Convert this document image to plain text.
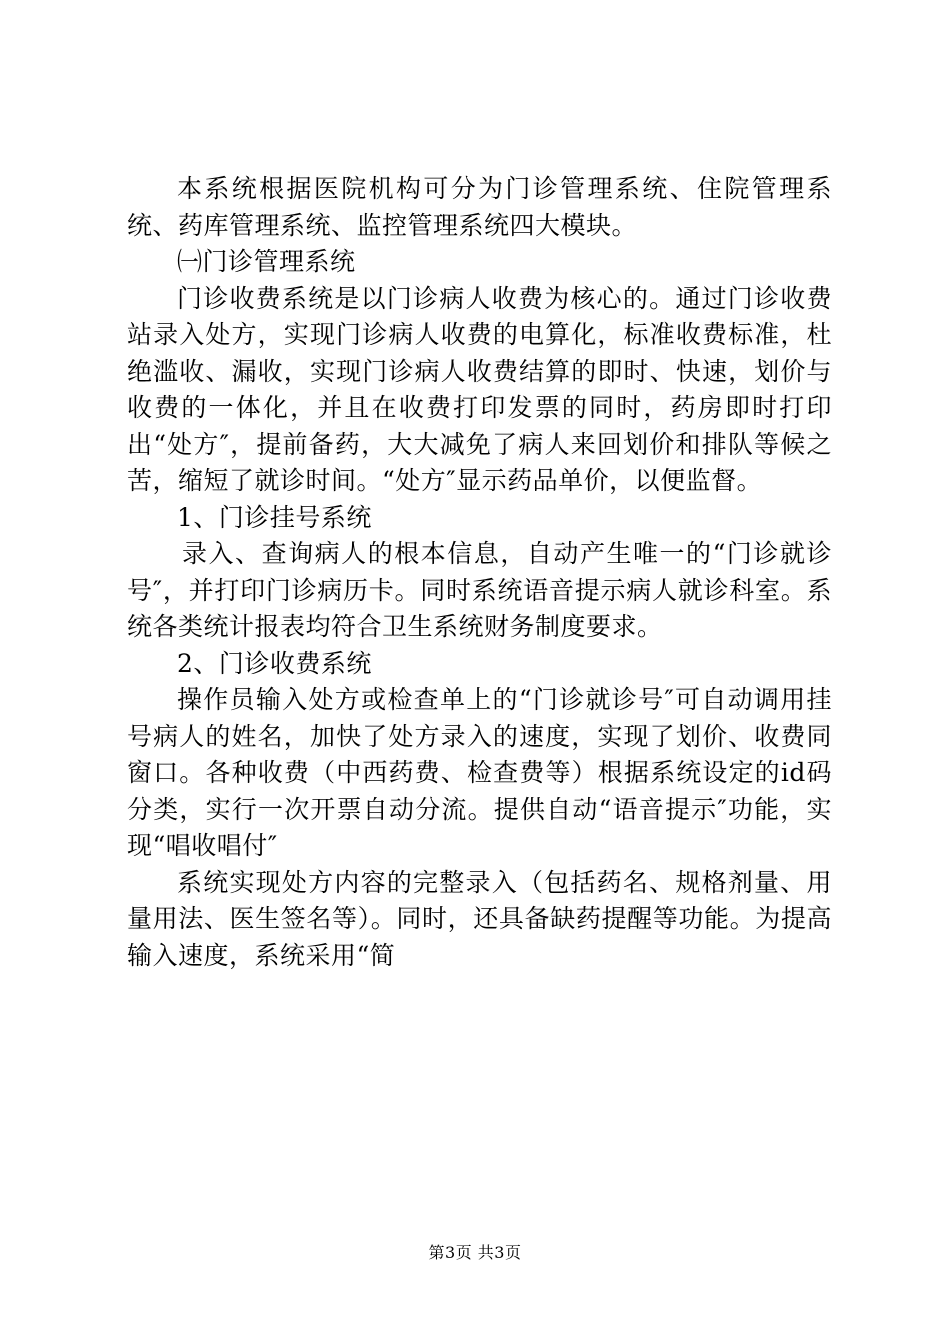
本系统根据医院机构可分为门诊管理系统、住院管理系统、药库管理系统、监控管理系统四大模块。

㈠门诊管理系统

门诊收费系统是以门诊病人收费为核心的。通过门诊收费站录入处方，实现门诊病人收费的电算化，标准收费标准，杜绝滥收、漏收，实现门诊病人收费结算的即时、快速，划价与收费的一体化，并且在收费打印发票的同时，药房即时打印出“处方″，提前备药，大大减免了病人来回划价和排队等候之苦，缩短了就诊时间。“处方″显示药品单价，以便监督。

1、门诊挂号系统

录入、查询病人的根本信息，自动产生唯一的“门诊就诊号″，并打印门诊病历卡。同时系统语音提示病人就诊科室。系统各类统计报表均符合卫生系统财务制度要求。

2、门诊收费系统

操作员输入处方或检查单上的“门诊就诊号″可自动调用挂号病人的姓名，加快了处方录入的速度，实现了划价、收费同窗口。各种收费（中西药费、检查费等）根据系统设定的id码分类，实行一次开票自动分流。提供自动“语音提示″功能，实现“唱收唱付″

系统实现处方内容的完整录入（包括药名、规格剂量、用量用法、医生签名等）。同时，还具备缺药提醒等功能。为提高输入速度，系统采用“简

第3页 共3页
